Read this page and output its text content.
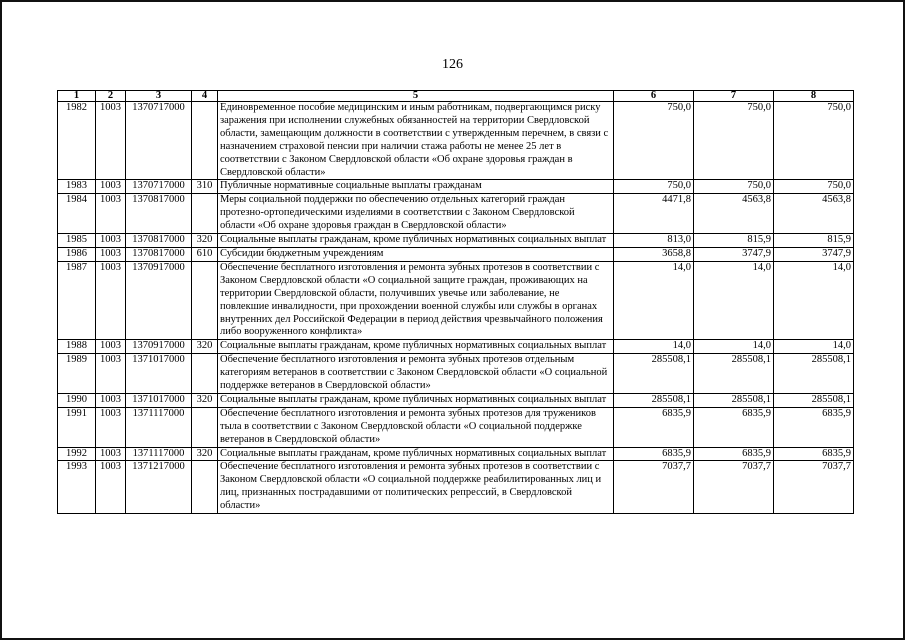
126
1	2	3	4	5	6	7	8
1982	1003	1370717000		Единовременное пособие медицинским и иным работникам, подвергающимся риску заражения при исполнении служебных обязанностей на территории Свердловской области, замещающим должности в соответствии с утвержденным перечнем, в связи с назначением страховой пенсии при наличии стажа работы не менее 25 лет в соответствии с Законом Свердловской области «Об охране здоровья граждан в Свердловской области»	750,0	750,0	750,0
1983	1003	1370717000	310	Публичные нормативные социальные выплаты гражданам	750,0	750,0	750,0
1984	1003	1370817000		Меры социальной поддержки по обеспечению отдельных категорий граждан протезно-ортопедическими изделиями в соответствии с Законом Свердловской области «Об охране здоровья граждан в Свердловской области»	4471,8	4563,8	4563,8
1985	1003	1370817000	320	Социальные выплаты гражданам, кроме публичных нормативных социальных выплат	813,0	815,9	815,9
1986	1003	1370817000	610	Субсидии бюджетным учреждениям	3658,8	3747,9	3747,9
1987	1003	1370917000		Обеспечение бесплатного изготовления и ремонта зубных протезов в соответствии с Законом Свердловской области «О социальной защите граждан, проживающих на территории Свердловской области, получивших увечье или заболевание, не повлекшие инвалидности, при прохождении военной службы или службы в органах внутренних дел Российской Федерации в период действия чрезвычайного положения либо вооруженного конфликта»	14,0	14,0	14,0
1988	1003	1370917000	320	Социальные выплаты гражданам, кроме публичных нормативных социальных выплат	14,0	14,0	14,0
1989	1003	1371017000		Обеспечение бесплатного изготовления и ремонта зубных протезов отдельным категориям ветеранов в соответствии с Законом Свердловской области «О социальной поддержке ветеранов в Свердловской области»	285508,1	285508,1	285508,1
1990	1003	1371017000	320	Социальные выплаты гражданам, кроме публичных нормативных социальных выплат	285508,1	285508,1	285508,1
1991	1003	1371117000		Обеспечение бесплатного изготовления и ремонта зубных протезов для тружеников тыла в соответствии с Законом Свердловской области «О социальной поддержке ветеранов в Свердловской области»	6835,9	6835,9	6835,9
1992	1003	1371117000	320	Социальные выплаты гражданам, кроме публичных нормативных социальных выплат	6835,9	6835,9	6835,9
1993	1003	1371217000		Обеспечение бесплатного изготовления и ремонта зубных протезов в соответствии с Законом Свердловской области «О социальной поддержке реабилитированных лиц и лиц, признанных пострадавшими от политических репрессий, в Свердловской области»	7037,7	7037,7	7037,7
